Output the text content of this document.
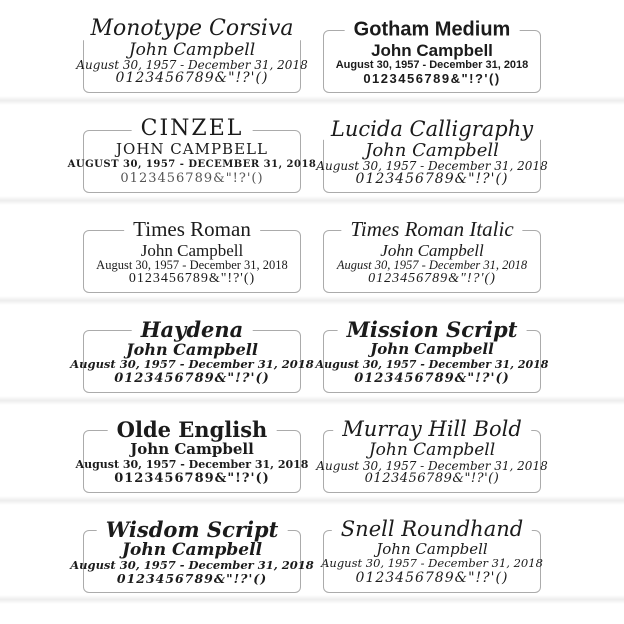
Monotype Corsiva
John Campbell
August 30, 1957 - December 31, 2018
0123456789&"!?'()
Gotham Medium
John Campbell
August 30, 1957 - December 31, 2018
0123456789&"!?'()
CINZEL
JOHN CAMPBELL
AUGUST 30, 1957 - DECEMBER 31, 2018
0123456789&"!?'()
Lucida Calligraphy
John Campbell
August 30, 1957 - December 31, 2018
0123456789&"!?'()
Times Roman
John Campbell
August 30, 1957 - December 31, 2018
0123456789&"!?'()
Times Roman Italic
John Campbell
August 30, 1957 - December 31, 2018
0123456789&"!?'()
Haydena
John Campbell
August 30, 1957 - December 31, 2018
0123456789&"!?'()
Mission Script
John Campbell
August 30, 1957 - December 31, 2018
0123456789&"!?'()
Olde English
John Campbell
August 30, 1957 - December 31, 2018
0123456789&"!?'()
Murray Hill Bold
John Campbell
August 30, 1957 - December 31, 2018
0123456789&"!?'()
Wisdom Script
John Campbell
August 30, 1957 - December 31, 2018
0123456789&"!?'()
Snell Roundhand
John Campbell
August 30, 1957 - December 31, 2018
0123456789&"!?'()
